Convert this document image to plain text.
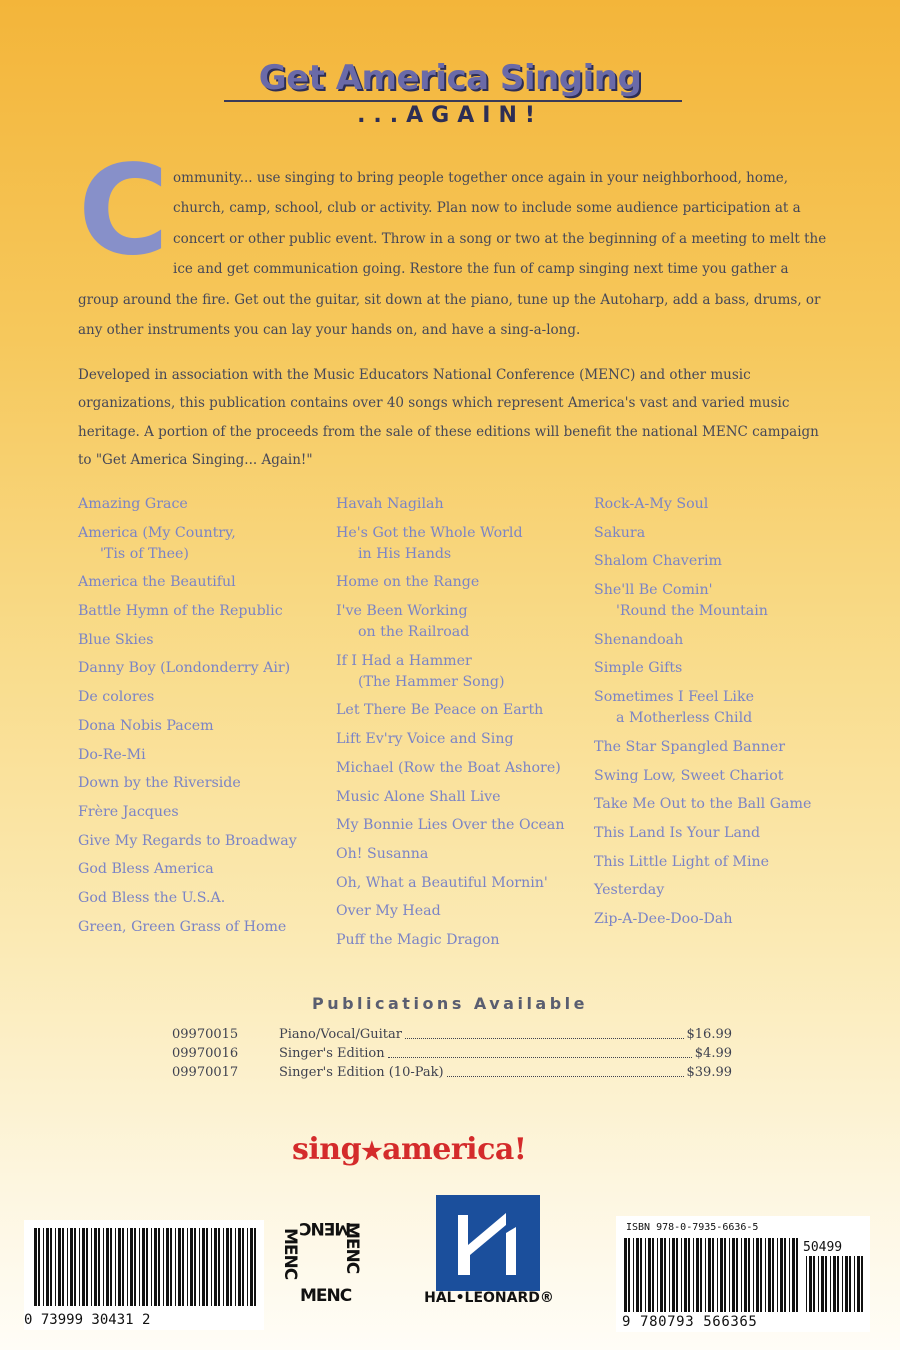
Get America Singing
...AGAIN!

Community... use singing to bring people together once again in your neighborhood, home, church, camp, school, club or activity. Plan now to include some audience participation at a concert or other public event. Throw in a song or two at the beginning of a meeting to melt the ice and get communication going. Restore the fun of camp singing next time you gather a group around the fire. Get out the guitar, sit down at the piano, tune up the Autoharp, add a bass, drums, or any other instruments you can lay your hands on, and have a sing-a-long.

Developed in association with the Music Educators National Conference (MENC) and other music organizations, this publication contains over 40 songs which represent America's vast and varied music heritage. A portion of the proceeds from the sale of these editions will benefit the national MENC campaign to "Get America Singing... Again!"

Amazing Grace
America (My Country,
'Tis of Thee)
America the Beautiful
Battle Hymn of the Republic
Blue Skies
Danny Boy (Londonderry Air)
De colores
Dona Nobis Pacem
Do-Re-Mi
Down by the Riverside
Frère Jacques
Give My Regards to Broadway
God Bless America
God Bless the U.S.A.
Green, Green Grass of Home
Havah Nagilah
He's Got the Whole World
in His Hands
Home on the Range
I've Been Working
on the Railroad
If I Had a Hammer
(The Hammer Song)
Let There Be Peace on Earth
Lift Ev'ry Voice and Sing
Michael (Row the Boat Ashore)
Music Alone Shall Live
My Bonnie Lies Over the Ocean
Oh! Susanna
Oh, What a Beautiful Mornin'
Over My Head
Puff the Magic Dragon
Rock-A-My Soul
Sakura
Shalom Chaverim
She'll Be Comin'
'Round the Mountain
Shenandoah
Simple Gifts
Sometimes I Feel Like
a Motherless Child
The Star Spangled Banner
Swing Low, Sweet Chariot
Take Me Out to the Ball Game
This Land Is Your Land
This Little Light of Mine
Yesterday
Zip-A-Dee-Doo-Dah
Publications Available
09970015	Piano/Vocal/Guitar	$16.99
09970016	Singer's Edition	$4.99
09970017	Singer's Edition (10-Pak)	$39.99
sing★america!
0 73999 30431 2
MENC MENC
MENC
MENC	HAL•LEONARD®
ISBN 978-0-7935-6636-5
50499
9 780793 566365
